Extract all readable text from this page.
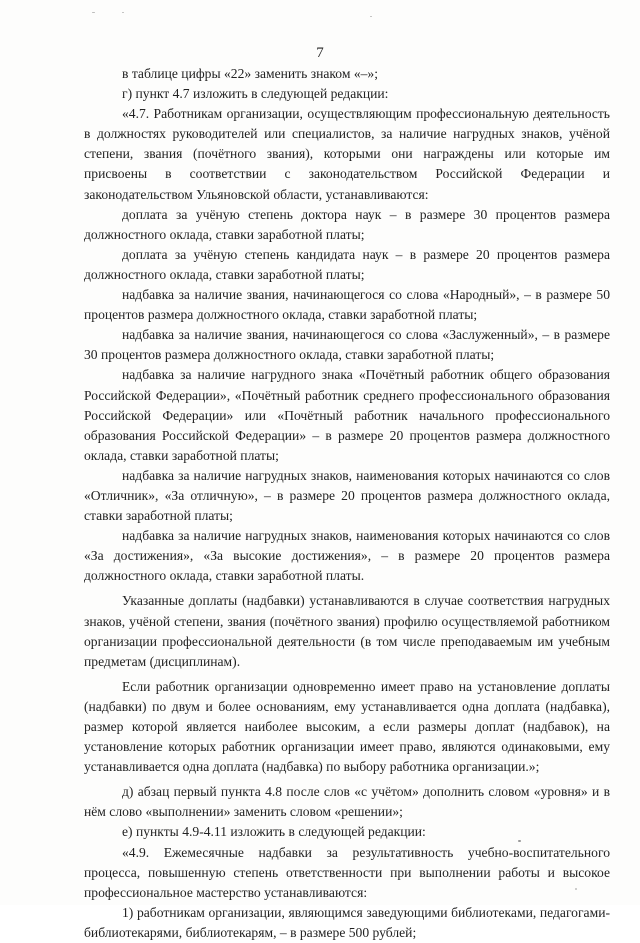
7

в таблице цифры «22» заменить знаком «–»;

г) пункт 4.7 изложить в следующей редакции:

«4.7. Работникам организации, осуществляющим профессиональную деятельность в должностях руководителей или специалистов, за наличие нагрудных знаков, учёной степени, звания (почётного звания), которыми они награждены или которые им присвоены в соответствии с законодательством Российской Федерации и законодательством Ульяновской области, устанавливаются:

доплата за учёную степень доктора наук – в размере 30 процентов размера должностного оклада, ставки заработной платы;

доплата за учёную степень кандидата наук – в размере 20 процентов размера должностного оклада, ставки заработной платы;

надбавка за наличие звания, начинающегося со слова «Народный», – в размере 50 процентов размера должностного оклада, ставки заработной платы;

надбавка за наличие звания, начинающегося со слова «Заслуженный», – в размере 30 процентов размера должностного оклада, ставки заработной платы;

надбавка за наличие нагрудного знака «Почётный работник общего образования Российской Федерации», «Почётный работник среднего профессионального образования Российской Федерации» или «Почётный работник начального профессионального образования Российской Федерации» – в размере 20 процентов размера должностного оклада, ставки заработной платы;

надбавка за наличие нагрудных знаков, наименования которых начинаются со слов «Отличник», «За отличную», – в размере 20 процентов размера должностного оклада, ставки заработной платы;

надбавка за наличие нагрудных знаков, наименования которых начинаются со слов «За достижения», «За высокие достижения», – в размере 20 процентов размера должностного оклада, ставки заработной платы.

Указанные доплаты (надбавки) устанавливаются в случае соответствия нагрудных знаков, учёной степени, звания (почётного звания) профилю осуществляемой работником организации профессиональной деятельности (в том числе преподаваемым им учебным предметам (дисциплинам).

Если работник организации одновременно имеет право на установление доплаты (надбавки) по двум и более основаниям, ему устанавливается одна доплата (надбавка), размер которой является наиболее высоким, а если размеры доплат (надбавок), на установление которых работник организации имеет право, являются одинаковыми, ему устанавливается одна доплата (надбавка) по выбору работника организации.»;

д) абзац первый пункта 4.8 после слов «с учётом» дополнить словом «уровня» и в нём слово «выполнении» заменить словом «решении»;

е) пункты 4.9-4.11 изложить в следующей редакции:

«4.9. Ежемесячные надбавки за результативность учебно-воспитательного процесса, повышенную степень ответственности при выполнении работы и высокое профессиональное мастерство устанавливаются:

1) работникам организации, являющимся заведующими библиотеками, педагогами-библиотекарями, библиотекарям, – в размере 500 рублей;
